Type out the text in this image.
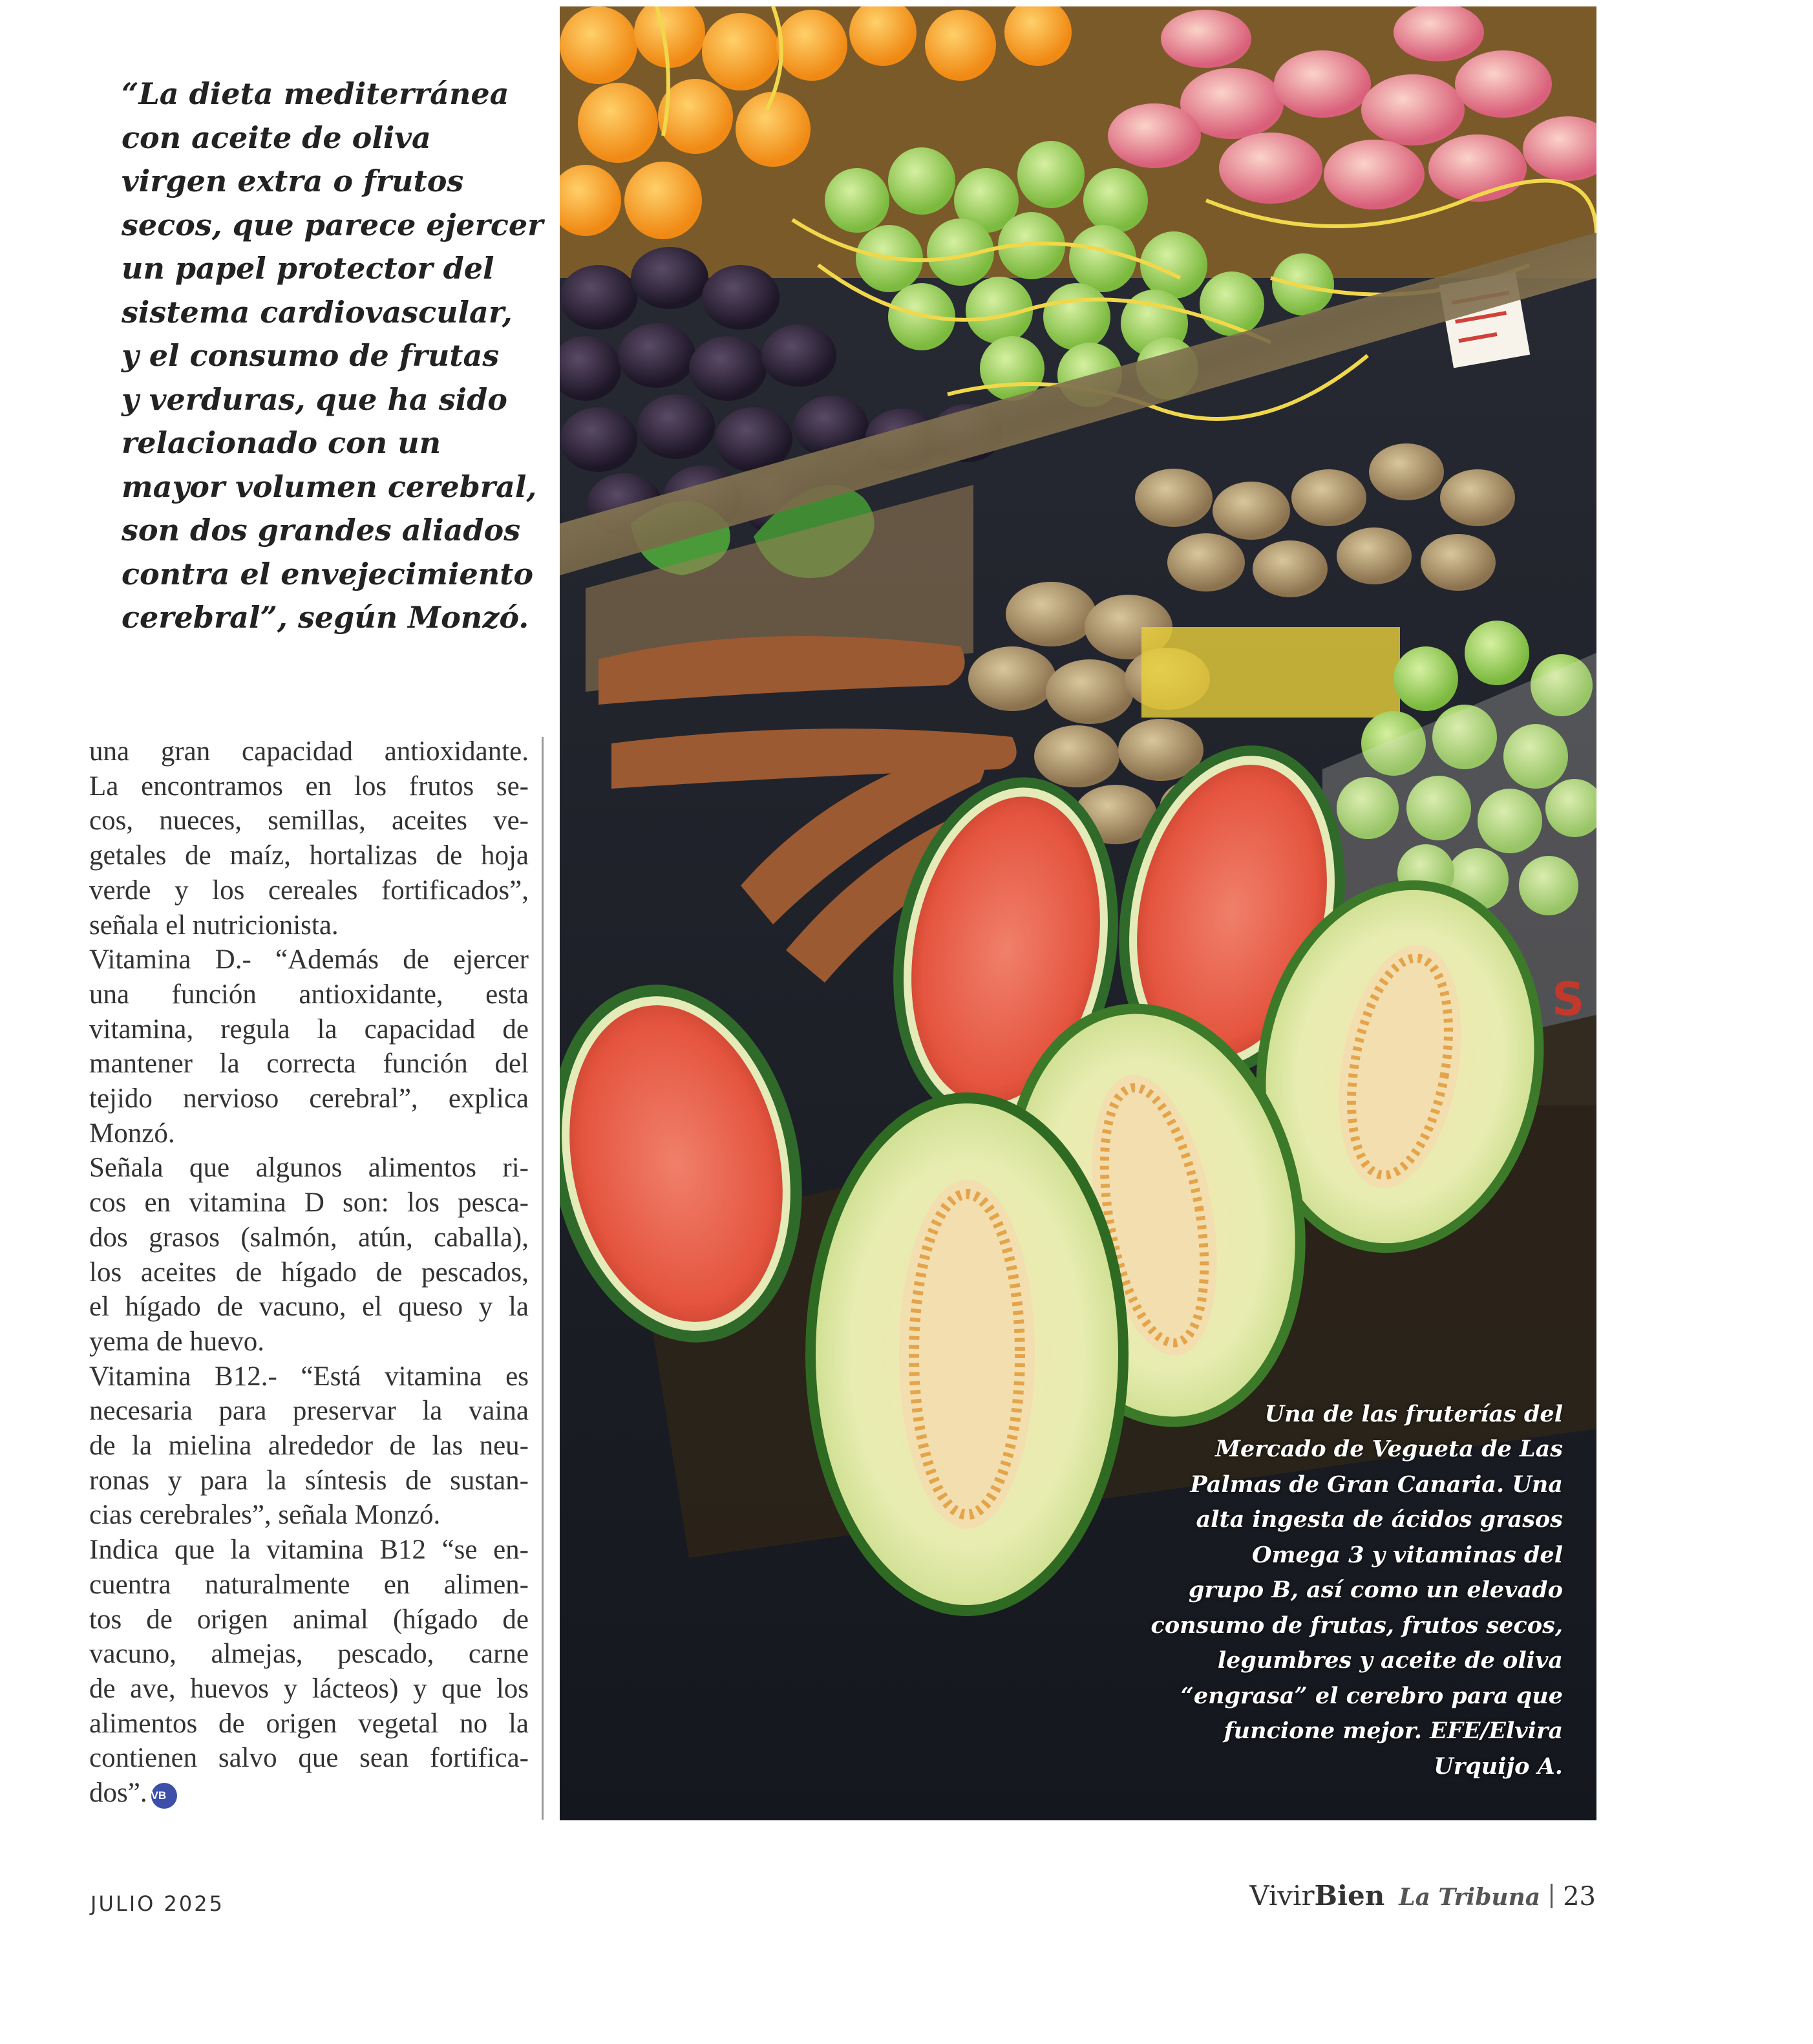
“La dieta mediterránea
con aceite de oliva
virgen extra o frutos
secos, que parece ejercer
un papel protector del
sistema cardiovascular,
y el consumo de frutas
y verduras, que ha sido
relacionado con un
mayor volumen cerebral,
son dos grandes aliados
contra el envejecimiento
cerebral”, según Monzó.
una gran capacidad antioxidante.
La encontramos en los frutos se-
cos, nueces, semillas, aceites ve-
getales de maíz, hortalizas de hoja
verde y los cereales fortificados”,
señala el nutricionista.
Vitamina D.- “Además de ejercer
una función antioxidante, esta
vitamina, regula la capacidad de
mantener la correcta función del
tejido nervioso cerebral”, explica
Monzó.
Señala que algunos alimentos ri-
cos en vitamina D son: los pesca-
dos grasos (salmón, atún, caballa),
los aceites de hígado de pescados,
el hígado de vacuno, el queso y la
yema de huevo.
Vitamina B12.- “Está vitamina es
necesaria para preservar la vaina
de la mielina alrededor de las neu-
ronas y para la síntesis de sustan-
cias cerebrales”, señala Monzó.
Indica que la vitamina B12 “se en-
cuentra naturalmente en alimen-
tos de origen animal (hígado de
vacuno, almejas, pescado, carne
de ave, huevos y lácteos) y que los
alimentos de origen vegetal no la
contienen salvo que sean fortifica-
dos”. VB
S
Una de las fruterías del
Mercado de Vegueta de Las
Palmas de Gran Canaria. Una
alta ingesta de ácidos grasos
Omega 3 y vitaminas del
grupo B, así como un elevado
consumo de frutas, frutos secos,
legumbres y aceite de oliva
“engrasa” el cerebro para que
funcione mejor. EFE/Elvira
Urquijo A.
JULIO 2025	Vivir Bien La Tribuna 23
